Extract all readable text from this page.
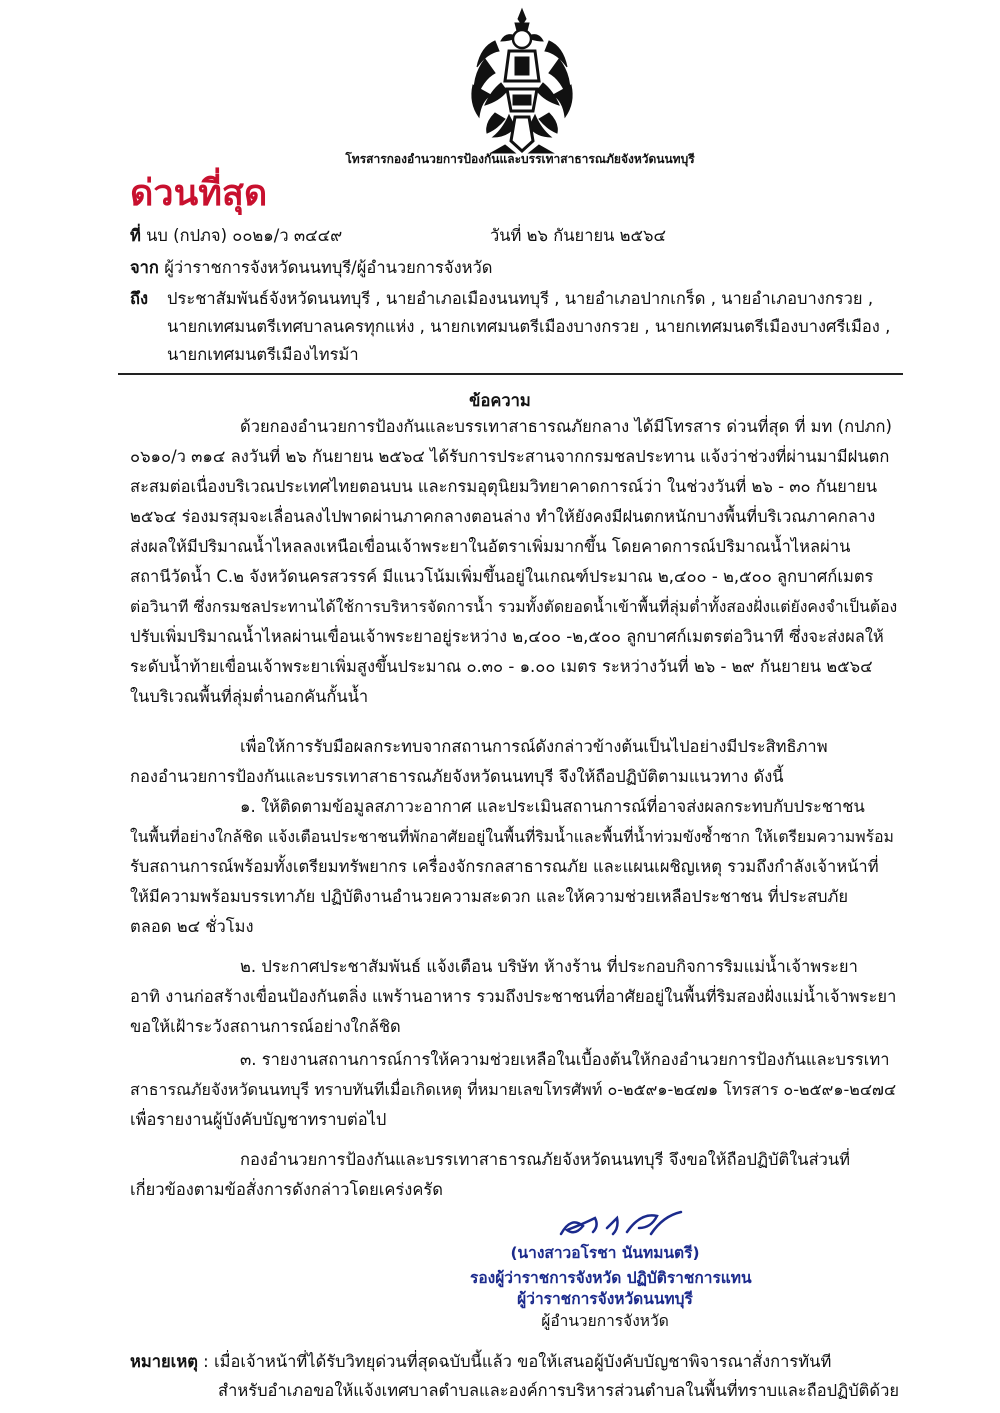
โทรสารกองอำนวยการป้องกันและบรรเทาสาธารณภัยจังหวัดนนทบุรี
ด่วนที่สุด
ที่ นบ (กปภจ) ๐๐๒๑/ว ๓๔๔๙	วันที่ ๒๖ กันยายน ๒๕๖๔
จาก ผู้ว่าราชการจังหวัดนนทบุรี/ผู้อำนวยการจังหวัด
ถึง ประชาสัมพันธ์จังหวัดนนทบุรี , นายอำเภอเมืองนนทบุรี , นายอำเภอปากเกร็ด , นายอำเภอบางกรวย ,
นายกเทศมนตรีเทศบาลนครทุกแห่ง , นายกเทศมนตรีเมืองบางกรวย , นายกเทศมนตรีเมืองบางศรีเมือง ,
นายกเทศมนตรีเมืองไทรม้า
ข้อความ
ด้วยกองอำนวยการป้องกันและบรรเทาสาธารณภัยกลาง ได้มีโทรสาร ด่วนที่สุด ที่ มท (กปภก)
๐๖๑๐/ว ๓๑๔ ลงวันที่ ๒๖ กันยายน ๒๕๖๔ ได้รับการประสานจากกรมชลประทาน แจ้งว่าช่วงที่ผ่านมามีฝนตก
สะสมต่อเนื่องบริเวณประเทศไทยตอนบน และกรมอุตุนิยมวิทยาคาดการณ์ว่า ในช่วงวันที่ ๒๖ - ๓๐ กันยายน
๒๕๖๔ ร่องมรสุมจะเลื่อนลงไปพาดผ่านภาคกลางตอนล่าง ทำให้ยังคงมีฝนตกหนักบางพื้นที่บริเวณภาคกลาง
ส่งผลให้มีปริมาณน้ำไหลลงเหนือเขื่อนเจ้าพระยาในอัตราเพิ่มมากขึ้น โดยคาดการณ์ปริมาณน้ำไหลผ่าน
สถานีวัดน้ำ C.๒ จังหวัดนครสวรรค์ มีแนวโน้มเพิ่มขึ้นอยู่ในเกณฑ์ประมาณ ๒,๔๐๐ - ๒,๕๐๐ ลูกบาศก์เมตร
ต่อวินาที ซึ่งกรมชลประทานได้ใช้การบริหารจัดการน้ำ รวมทั้งตัดยอดน้ำเข้าพื้นที่ลุ่มต่ำทั้งสองฝั่งแต่ยังคงจำเป็นต้อง
ปรับเพิ่มปริมาณน้ำไหลผ่านเขื่อนเจ้าพระยาอยู่ระหว่าง ๒,๔๐๐ -๒,๕๐๐ ลูกบาศก์เมตรต่อวินาที ซึ่งจะส่งผลให้
ระดับน้ำท้ายเขื่อนเจ้าพระยาเพิ่มสูงขึ้นประมาณ ๐.๓๐ - ๑.๐๐ เมตร ระหว่างวันที่ ๒๖ - ๒๙ กันยายน ๒๕๖๔
ในบริเวณพื้นที่ลุ่มต่ำนอกคันกั้นน้ำ
เพื่อให้การรับมือผลกระทบจากสถานการณ์ดังกล่าวข้างต้นเป็นไปอย่างมีประสิทธิภาพ
กองอำนวยการป้องกันและบรรเทาสาธารณภัยจังหวัดนนทบุรี จึงให้ถือปฏิบัติตามแนวทาง ดังนี้
๑. ให้ติดตามข้อมูลสภาวะอากาศ และประเมินสถานการณ์ที่อาจส่งผลกระทบกับประชาชน
ในพื้นที่อย่างใกล้ชิด แจ้งเตือนประชาชนที่พักอาศัยอยู่ในพื้นที่ริมน้ำและพื้นที่น้ำท่วมขังซ้ำซาก ให้เตรียมความพร้อม
รับสถานการณ์พร้อมทั้งเตรียมทรัพยากร เครื่องจักรกลสาธารณภัย และแผนเผชิญเหตุ รวมถึงกำลังเจ้าหน้าที่
ให้มีความพร้อมบรรเทาภัย ปฏิบัติงานอำนวยความสะดวก และให้ความช่วยเหลือประชาชน ที่ประสบภัย
ตลอด ๒๔ ชั่วโมง
๒. ประกาศประชาสัมพันธ์ แจ้งเตือน บริษัท ห้างร้าน ที่ประกอบกิจการริมแม่น้ำเจ้าพระยา
อาทิ งานก่อสร้างเขื่อนป้องกันตลิ่ง แพร้านอาหาร รวมถึงประชาชนที่อาศัยอยู่ในพื้นที่ริมสองฝั่งแม่น้ำเจ้าพระยา
ขอให้เฝ้าระวังสถานการณ์อย่างใกล้ชิด
๓. รายงานสถานการณ์การให้ความช่วยเหลือในเบื้องต้นให้กองอำนวยการป้องกันและบรรเทา
สาธารณภัยจังหวัดนนทบุรี ทราบทันทีเมื่อเกิดเหตุ ที่หมายเลขโทรศัพท์ ๐-๒๕๙๑-๒๔๗๑ โทรสาร ๐-๒๕๙๑-๒๔๗๔
เพื่อรายงานผู้บังคับบัญชาทราบต่อไป
กองอำนวยการป้องกันและบรรเทาสาธารณภัยจังหวัดนนทบุรี จึงขอให้ถือปฏิบัติในส่วนที่
เกี่ยวข้องตามข้อสั่งการดังกล่าวโดยเคร่งครัด
(นางสาวอโรชา นันทมนตรี)
รองผู้ว่าราชการจังหวัด ปฏิบัติราชการแทน
ผู้ว่าราชการจังหวัดนนทบุรี
ผู้อำนวยการจังหวัด
หมายเหตุ : เมื่อเจ้าหน้าที่ได้รับวิทยุด่วนที่สุดฉบับนี้แล้ว ขอให้เสนอผู้บังคับบัญชาพิจารณาสั่งการทันที
สำหรับอำเภอขอให้แจ้งเทศบาลตำบลและองค์การบริหารส่วนตำบลในพื้นที่ทราบและถือปฏิบัติด้วย
